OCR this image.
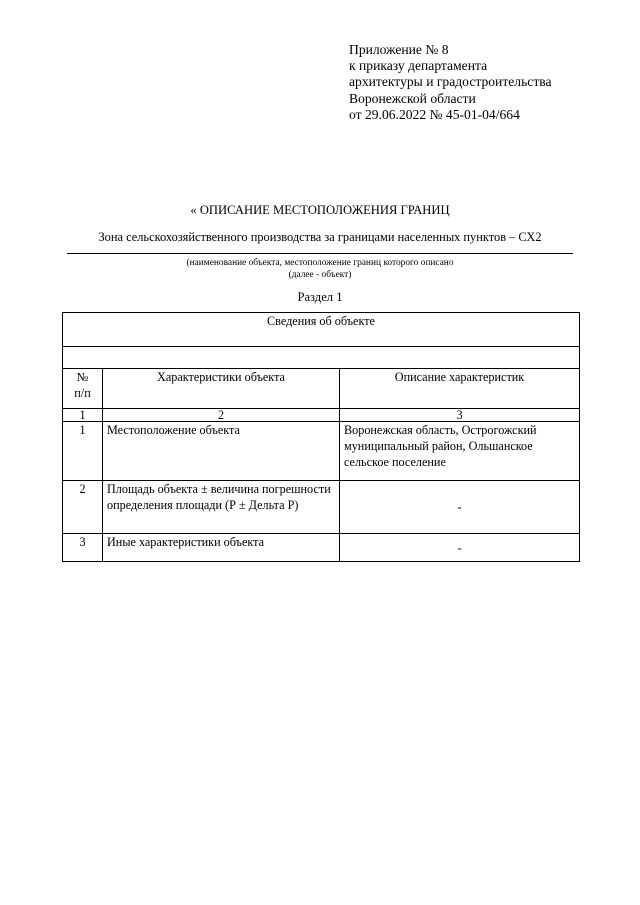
Приложение № 8
к приказу департамента
архитектуры и градостроительства
Воронежской области
от 29.06.2022 № 45-01-04/664
« ОПИСАНИЕ МЕСТОПОЛОЖЕНИЯ ГРАНИЦ
Зона сельскохозяйственного производства за границами населенных пунктов – СХ2
(наименование объекта, местоположение границ которого описано
(далее - объект)
Раздел 1
Сведения об объекте		

№
п/п	Характеристики объекта	Описание характеристик
1	2	3
1	Местоположение объекта	Воронежская область, Острогожский муниципальный район, Ольшанское сельское поселение
2	Площадь объекта ± величина погрешности определения площади (Р ± Дельта Р)	-
3	Иные характеристики объекта	-
